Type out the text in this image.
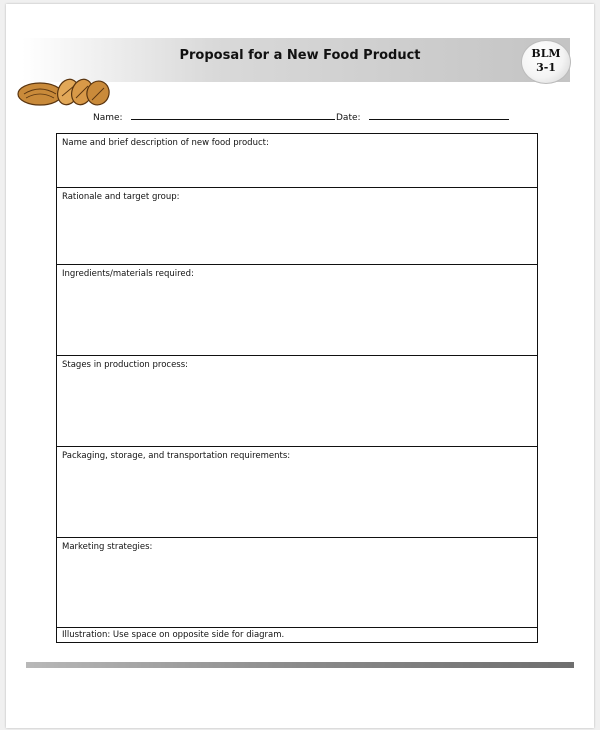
Proposal for a New Food Product	BLM
3-1
Name:	Date:
Name and brief description of new food product:
Rationale and target group:
Ingredients/materials required:
Stages in production process:
Packaging, storage, and transportation requirements:
Marketing strategies:
Illustration: Use space on opposite side for diagram.
